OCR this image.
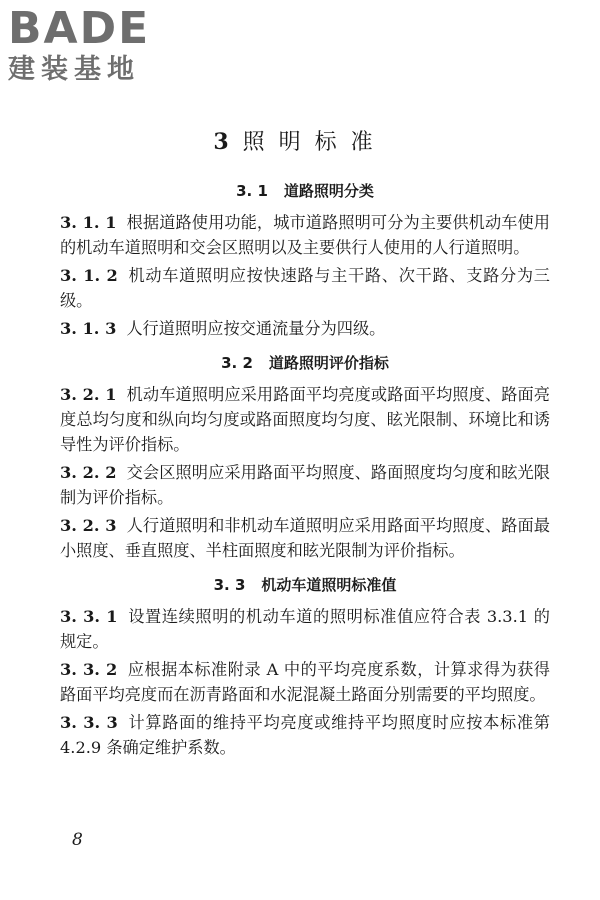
BADE
建装基地
3 照明标准
3. 1 道路照明分类

3. 1. 1 根据道路使用功能，城市道路照明可分为主要供机动车使用的机动车道照明和交会区照明以及主要供行人使用的人行道照明。

3. 1. 2 机动车道照明应按快速路与主干路、次干路、支路分为三级。

3. 1. 3 人行道照明应按交通流量分为四级。

3. 2 道路照明评价指标

3. 2. 1 机动车道照明应采用路面平均亮度或路面平均照度、路面亮度总均匀度和纵向均匀度或路面照度均匀度、眩光限制、环境比和诱导性为评价指标。

3. 2. 2 交会区照明应采用路面平均照度、路面照度均匀度和眩光限制为评价指标。

3. 2. 3 人行道照明和非机动车道照明应采用路面平均照度、路面最小照度、垂直照度、半柱面照度和眩光限制为评价指标。

3. 3 机动车道照明标准值

3. 3. 1 设置连续照明的机动车道的照明标准值应符合表 3.3.1 的规定。

3. 3. 2 应根据本标准附录 A 中的平均亮度系数，计算求得为获得路面平均亮度而在沥青路面和水泥混凝土路面分别需要的平均照度。

3. 3. 3 计算路面的维持平均亮度或维持平均照度时应按本标准第 4.2.9 条确定维护系数。

8
